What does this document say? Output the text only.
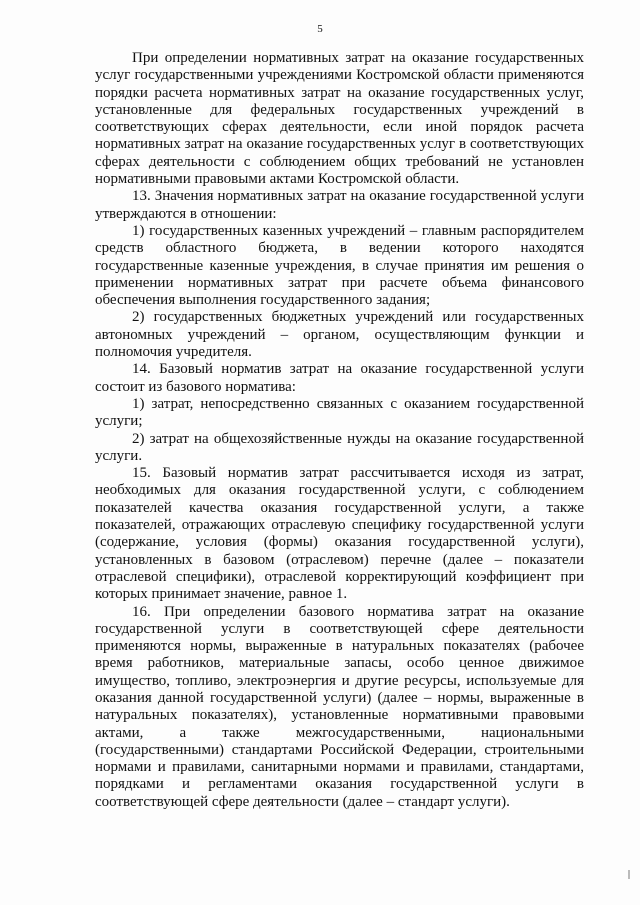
5

При определении нормативных затрат на оказание государственных услуг государственными учреждениями Костромской области применяются порядки расчета нормативных затрат на оказание государственных услуг, установленные для федеральных государственных учреждений в соответствующих сферах деятельности, если иной порядок расчета нормативных затрат на оказание государственных услуг в соответствующих сферах деятельности с соблюдением общих требований не установлен нормативными правовыми актами Костромской области.

13. Значения нормативных затрат на оказание государственной услуги утверждаются в отношении:

1) государственных казенных учреждений – главным распорядителем средств областного бюджета, в ведении которого находятся государственные казенные учреждения, в случае принятия им решения о применении нормативных затрат при расчете объема финансового обеспечения выполнения государственного задания;

2) государственных бюджетных учреждений или государственных автономных учреждений – органом, осуществляющим функции и полномочия учредителя.

14. Базовый норматив затрат на оказание государственной услуги состоит из базового норматива:

1) затрат, непосредственно связанных с оказанием государственной услуги;

2) затрат на общехозяйственные нужды на оказание государственной услуги.

15. Базовый норматив затрат рассчитывается исходя из затрат, необходимых для оказания государственной услуги, с соблюдением показателей качества оказания государственной услуги, а также показателей, отражающих отраслевую специфику государственной услуги (содержание, условия (формы) оказания государственной услуги), установленных в базовом (отраслевом) перечне (далее – показатели отраслевой специфики), отраслевой корректирующий коэффициент при которых принимает значение, равное 1.

16. При определении базового норматива затрат на оказание государственной услуги в соответствующей сфере деятельности применяются нормы, выраженные в натуральных показателях (рабочее время работников, материальные запасы, особо ценное движимое имущество, топливо, электроэнергия и другие ресурсы, используемые для оказания данной государственной услуги) (далее – нормы, выраженные в натуральных показателях), установленные нормативными правовыми актами, а также межгосударственными, национальными (государственными) стандартами Российской Федерации, строительными нормами и правилами, санитарными нормами и правилами, стандартами, порядками и регламентами оказания государственной услуги в соответствующей сфере деятельности (далее – стандарт услуги).
